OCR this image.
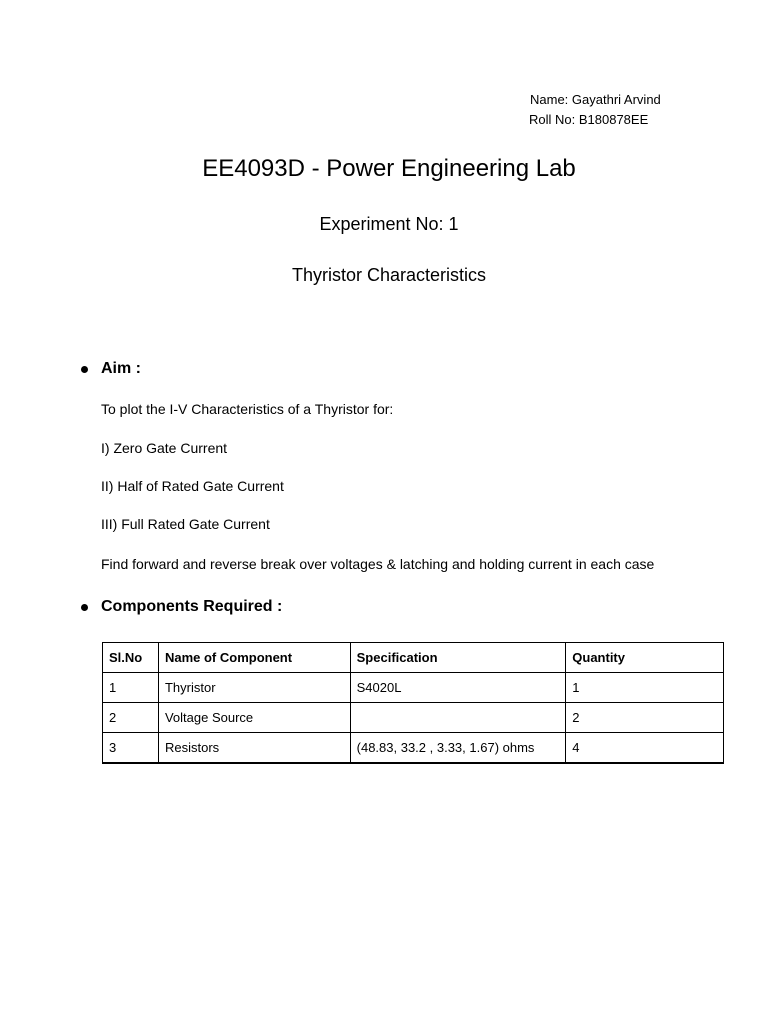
Name: Gayathri Arvind
Roll No: B180878EE
EE4093D - Power Engineering Lab
Experiment No: 1
Thyristor Characteristics
Aim :
To plot the I-V Characteristics of a Thyristor for:
I) Zero Gate Current
II) Half of Rated Gate Current
III) Full Rated Gate Current
Find forward and reverse break over voltages & latching and holding current in each case
Components Required :
Sl.No	Name of Component	Specification	Quantity
1	Thyristor	S4020L	1
2	Voltage Source		2
3	Resistors	(48.83, 33.2 , 3.33, 1.67) ohms	4
